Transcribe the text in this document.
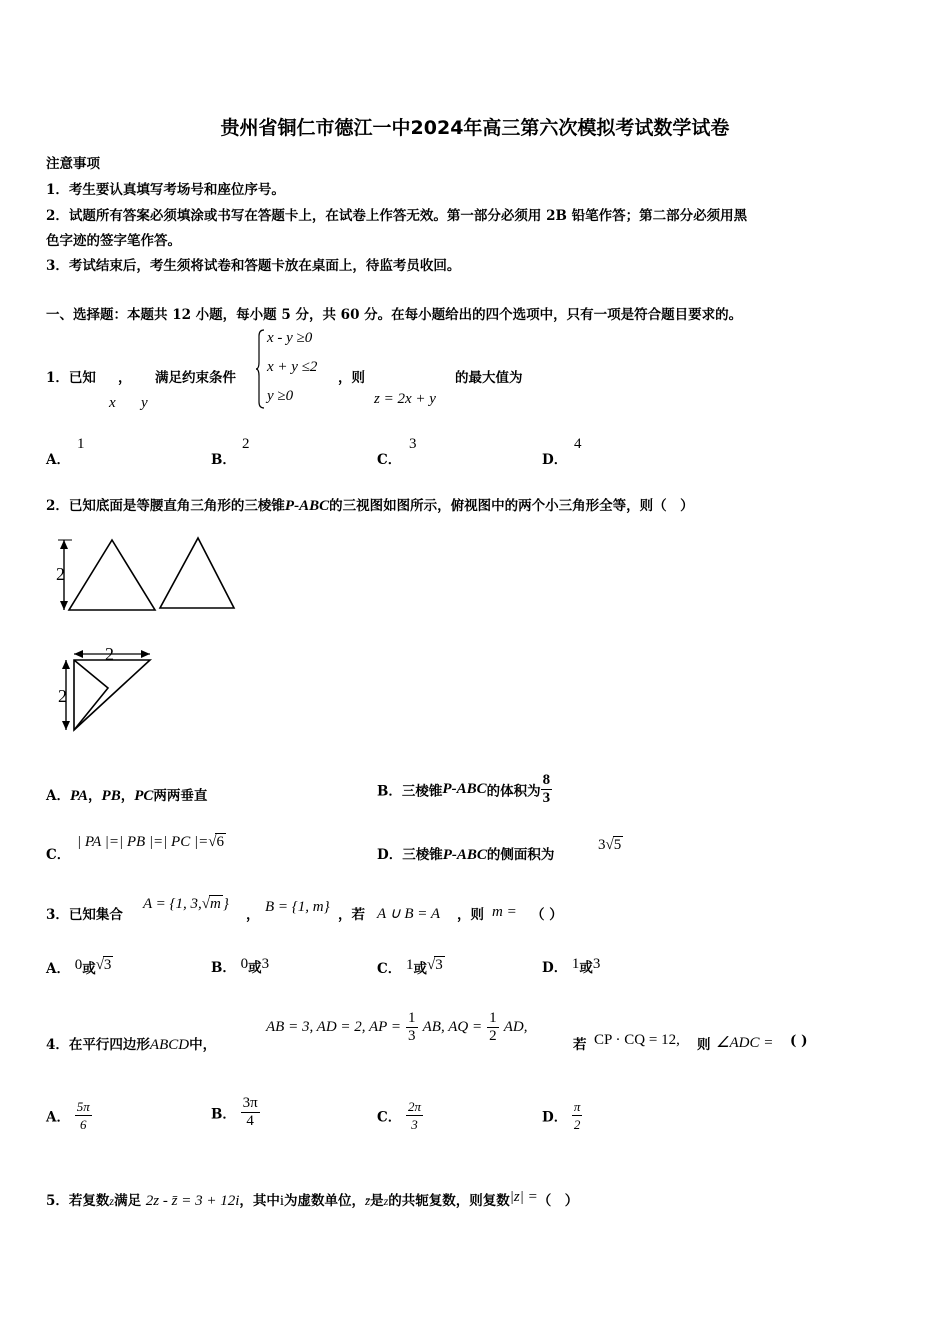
贵州省铜仁市德江一中2024年高三第六次模拟考试数学试卷
注意事项
1．考生要认真填写考场号和座位序号。
2．试题所有答案必须填涂或书写在答题卡上，在试卷上作答无效。第一部分必须用 2B 铅笔作答；第二部分必须用黑
色字迹的签字笔作答。
3．考试结束后，考生须将试卷和答题卡放在桌面上，待监考员收回。
一、选择题：本题共 12 小题，每小题 5 分，共 60 分。在每小题给出的四个选项中，只有一项是符合题目要求的。
1．已知 ， 满足约束条件
x y
x - y ≥0
x + y ≤2
y ≥0
，则
z = 2x + y
的最大值为
A．
1
B．
2
C．
3
D．
4
2．已知底面是等腰直角三角形的三棱锥P-ABC的三视图如图所示，俯视图中的两个小三角形全等，则（　）
2
2
2
A．PA，PB，PC两两垂直	B．三棱锥P-ABC的体积为 $\frac{8}{3}$
C．
| PA |=| PB |=| PC |=√6
D．三棱锥P-ABC的侧面积为
3√5
3．已知集合
A = {1, 3,√m }
， B = {1, m} ，若 A ∪ B = A ，则 m = （ ）
A． 0或√3	B． 0或3	C． 1或√3	D． 1或3
4．在平行四边形ABCD中，
AB = 3, AD = 2, AP = $\frac{1}{3}$ AB, AQ = $\frac{1}{2}$ AD,
若 CP · CQ = 12, 则 ∠ADC = ( )
A． $\frac{5\pi}{6}$	B． $\frac{3\pi}{4}$	C． $\frac{2\pi}{3}$	D． $\frac{\pi}{2}$
5．若复数z满足 2z - z̄ = 3 + 12i，其中i为虚数单位，z̄是z的共轭复数，则复数|z| =（　）
